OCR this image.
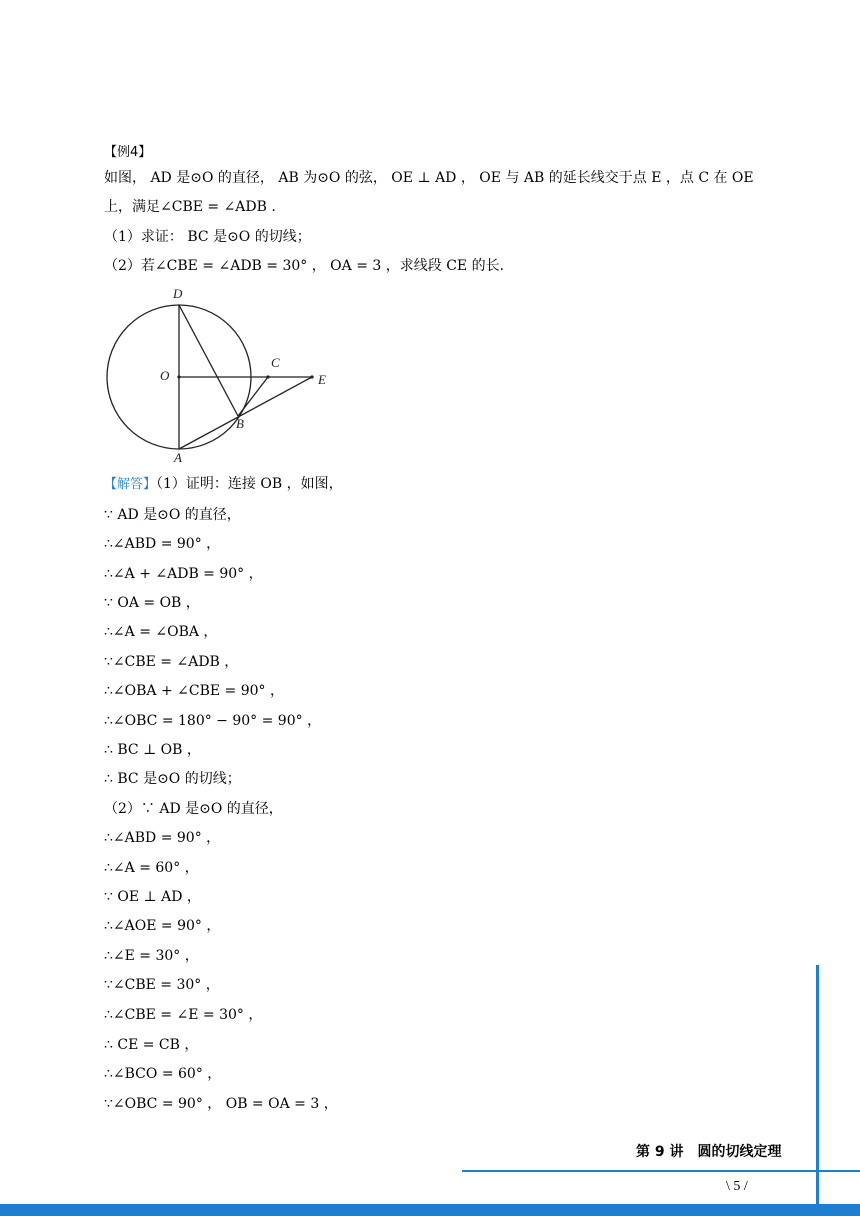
【例4】
如图， AD 是⊙O 的直径， AB 为⊙O 的弦， OE ⊥ AD ， OE 与 AB 的延长线交于点 E ，点 C 在 OE
上，满足∠CBE = ∠ADB .
（1）求证： BC 是⊙O 的切线；
（2）若∠CBE = ∠ADB = 30° ， OA = 3 ，求线段 CE 的长.
D
O
C
E
B
A
【解答】（1）证明：连接 OB ，如图，
∵ AD 是⊙O 的直径，
∴∠ABD = 90° ，
∴∠A + ∠ADB = 90° ，
∵ OA = OB ，
∴∠A = ∠OBA ，
∵∠CBE = ∠ADB ，
∴∠OBA + ∠CBE = 90° ，
∴∠OBC = 180° − 90° = 90° ，
∴ BC ⊥ OB ，
∴ BC 是⊙O 的切线；
（2）∵ AD 是⊙O 的直径，
∴∠ABD = 90° ，
∴∠A = 60° ，
∵ OE ⊥ AD ，
∴∠AOE = 90° ，
∴∠E = 30° ，
∵∠CBE = 30° ，
∴∠CBE = ∠E = 30° ，
∴ CE = CB ，
∴∠BCO = 60° ，
∵∠OBC = 90° ， OB = OA = 3 ，
第 9 讲　圆的切线定理
\ 5 /
